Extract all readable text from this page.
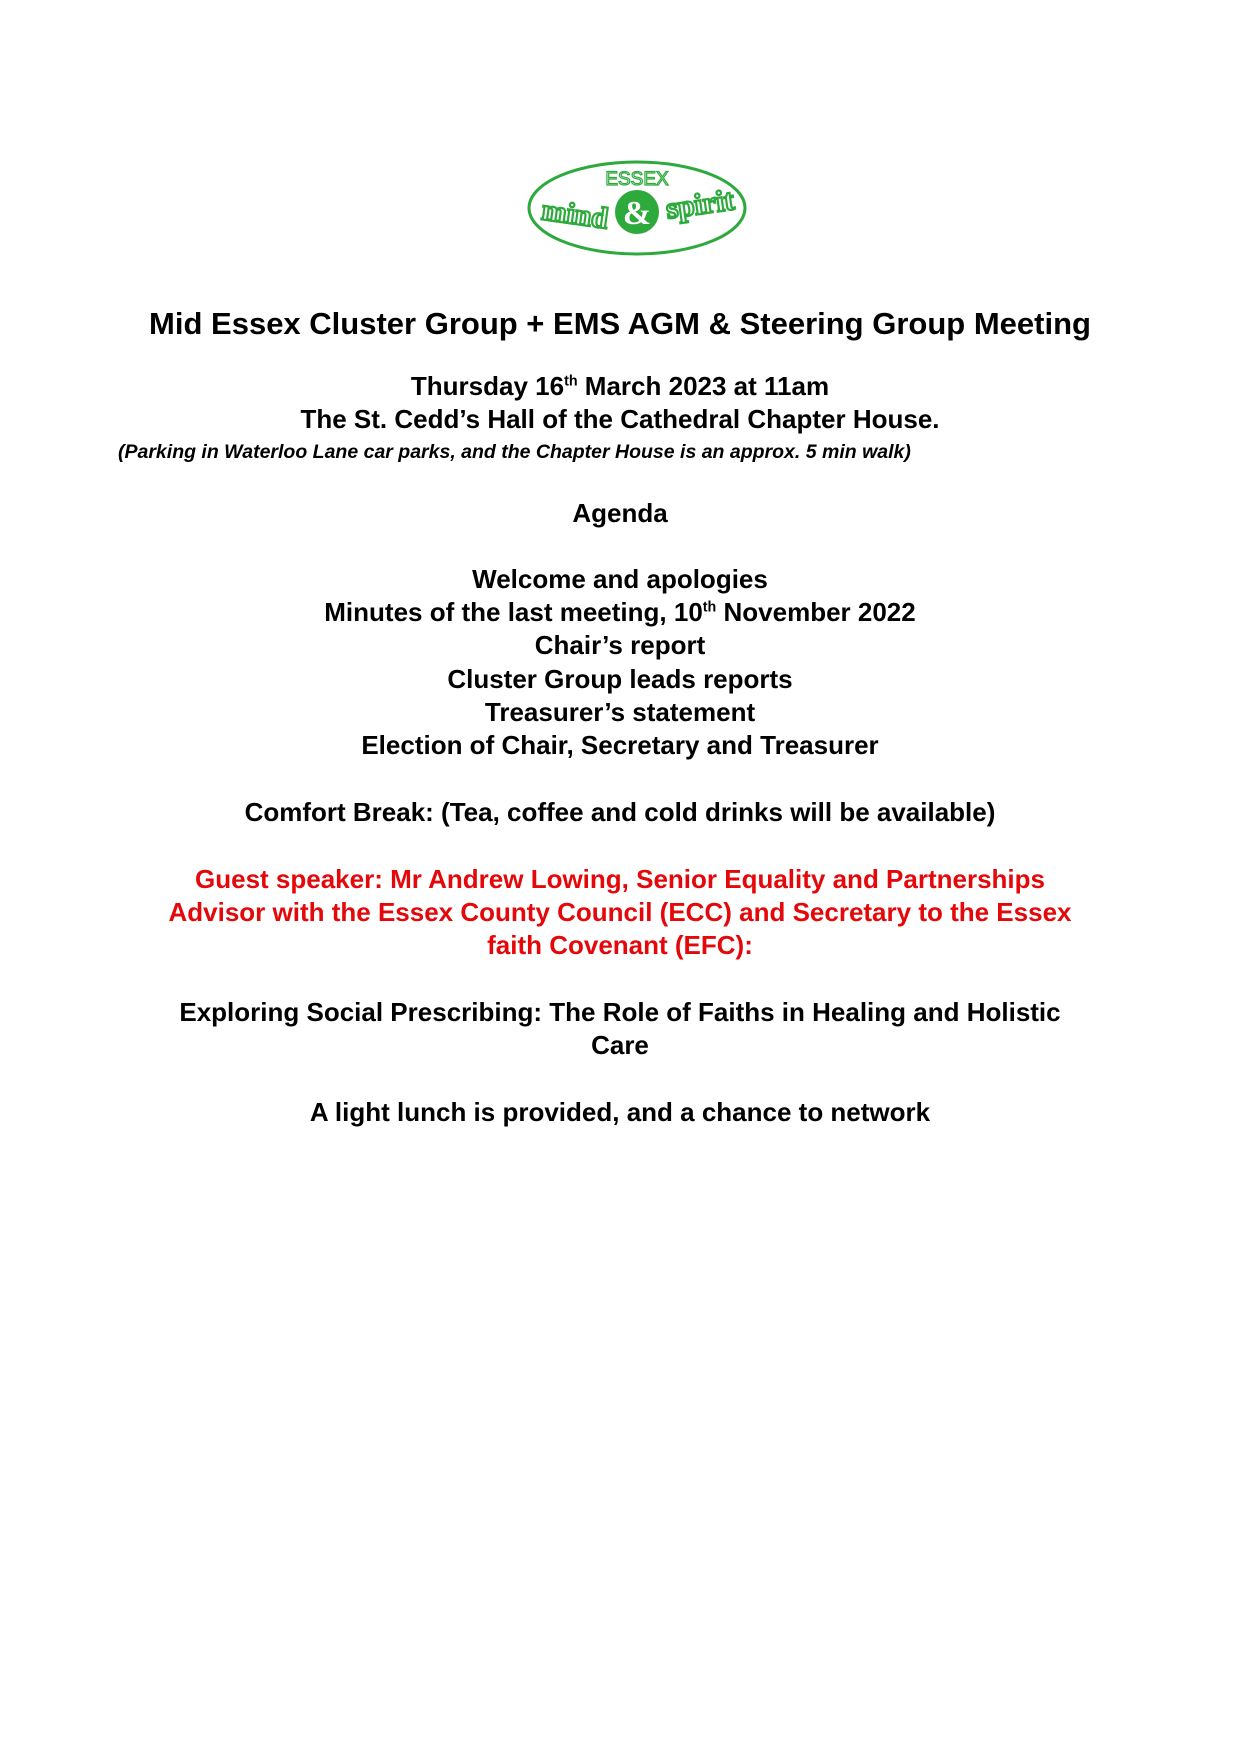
ESSEX
mind & spirit
Mid Essex Cluster Group + EMS AGM & Steering Group Meeting
Thursday 16th March 2023 at 11am
The St. Cedd’s Hall of the Cathedral Chapter House.
(Parking in Waterloo Lane car parks, and the Chapter House is an approx. 5 min walk)
Agenda
Welcome and apologies
Minutes of the last meeting, 10th November 2022
Chair’s report
Cluster Group leads reports
Treasurer’s statement
Election of Chair, Secretary and Treasurer
Comfort Break: (Tea, coffee and cold drinks will be available)
Guest speaker: Mr Andrew Lowing, Senior Equality and Partnerships
Advisor with the Essex County Council (ECC) and Secretary to the Essex
faith Covenant (EFC):
Exploring Social Prescribing: The Role of Faiths in Healing and Holistic
Care
A light lunch is provided, and a chance to network
